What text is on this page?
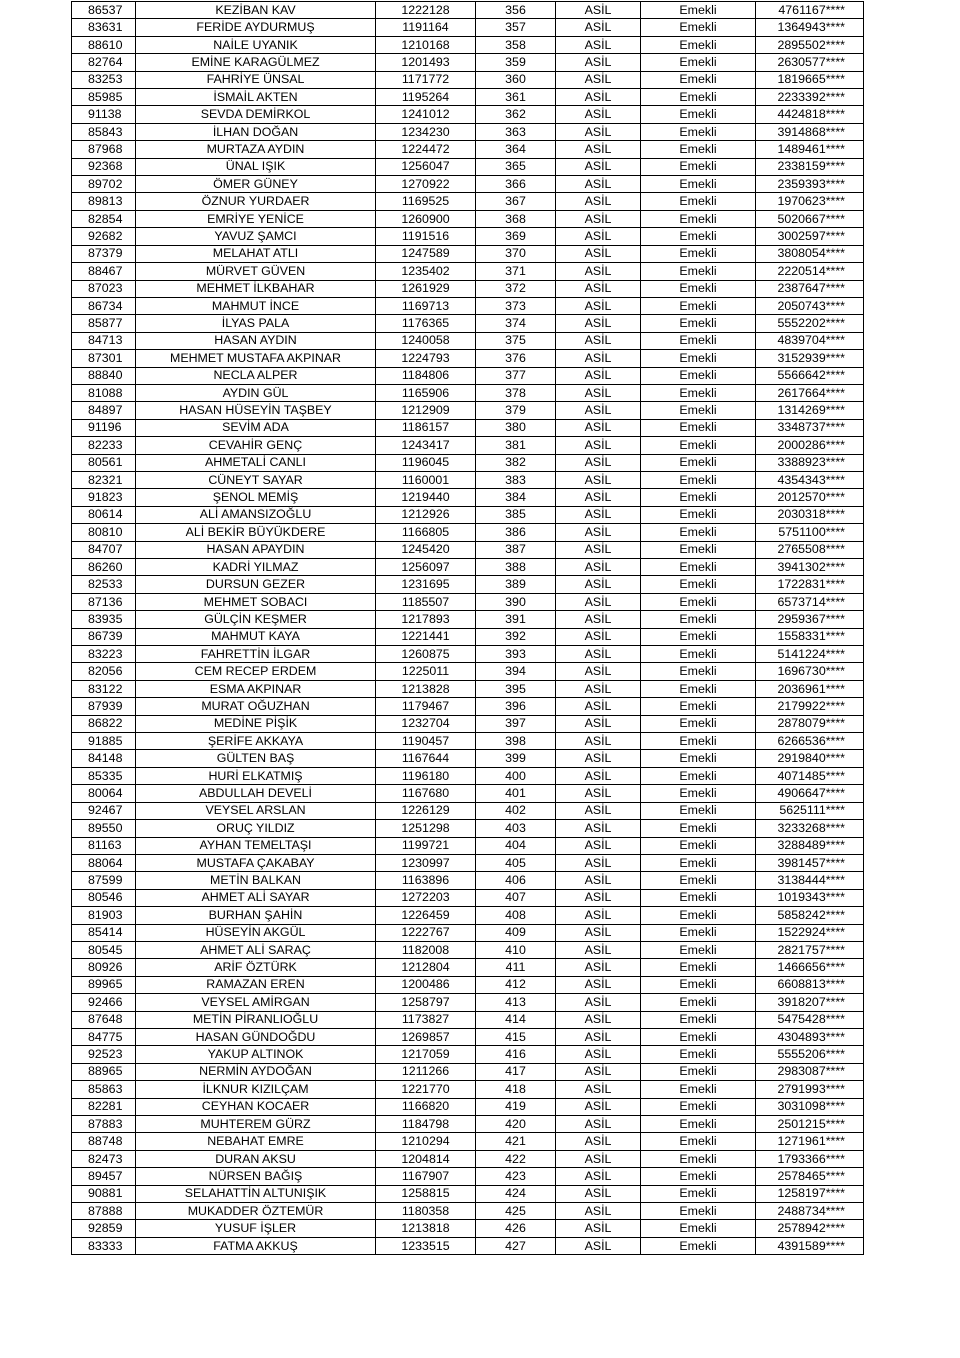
86537	KEZİBAN KAV	1222128	356	ASİL	Emekli	4761167****
83631	FERİDE AYDURMUŞ	1191164	357	ASİL	Emekli	1364943****
88610	NAİLE UYANIK	1210168	358	ASİL	Emekli	2895502****
82764	EMİNE KARAGÜLMEZ	1201493	359	ASİL	Emekli	2630577****
83253	FAHRİYE ÜNSAL	1171772	360	ASİL	Emekli	1819665****
85985	İSMAİL AKTEN	1195264	361	ASİL	Emekli	2233392****
91138	SEVDA DEMİRKOL	1241012	362	ASİL	Emekli	4424818****
85843	İLHAN DOĞAN	1234230	363	ASİL	Emekli	3914868****
87968	MURTAZA AYDIN	1224472	364	ASİL	Emekli	1489461****
92368	ÜNAL IŞIK	1256047	365	ASİL	Emekli	2338159****
89702	ÖMER GÜNEY	1270922	366	ASİL	Emekli	2359393****
89813	ÖZNUR YURDAER	1169525	367	ASİL	Emekli	1970623****
82854	EMRİYE YENİCE	1260900	368	ASİL	Emekli	5020667****
92682	YAVUZ ŞAMCI	1191516	369	ASİL	Emekli	3002597****
87379	MELAHAT ATLI	1247589	370	ASİL	Emekli	3808054****
88467	MÜRVET GÜVEN	1235402	371	ASİL	Emekli	2220514****
87023	MEHMET İLKBAHAR	1261929	372	ASİL	Emekli	2387647****
86734	MAHMUT İNCE	1169713	373	ASİL	Emekli	2050743****
85877	İLYAS PALA	1176365	374	ASİL	Emekli	5552202****
84713	HASAN AYDIN	1240058	375	ASİL	Emekli	4839704****
87301	MEHMET MUSTAFA AKPINAR	1224793	376	ASİL	Emekli	3152939****
88840	NECLA ALPER	1184806	377	ASİL	Emekli	5566642****
81088	AYDIN GÜL	1165906	378	ASİL	Emekli	2617664****
84897	HASAN HÜSEYİN TAŞBEY	1212909	379	ASİL	Emekli	1314269****
91196	SEVİM ADA	1186157	380	ASİL	Emekli	3348737****
82233	CEVAHİR GENÇ	1243417	381	ASİL	Emekli	2000286****
80561	AHMETALİ CANLI	1196045	382	ASİL	Emekli	3388923****
82321	CÜNEYT SAYAR	1160001	383	ASİL	Emekli	4354343****
91823	ŞENOL MEMİŞ	1219440	384	ASİL	Emekli	2012570****
80614	ALİ AMANSIZOĞLU	1212926	385	ASİL	Emekli	2030318****
80810	ALİ BEKİR BÜYÜKDERE	1166805	386	ASİL	Emekli	5751100****
84707	HASAN APAYDIN	1245420	387	ASİL	Emekli	2765508****
86260	KADRİ YILMAZ	1256097	388	ASİL	Emekli	3941302****
82533	DURSUN GEZER	1231695	389	ASİL	Emekli	1722831****
87136	MEHMET SOBACI	1185507	390	ASİL	Emekli	6573714****
83935	GÜLÇİN KEŞMER	1217893	391	ASİL	Emekli	2959367****
86739	MAHMUT KAYA	1221441	392	ASİL	Emekli	1558331****
83223	FAHRETTİN İLGAR	1260875	393	ASİL	Emekli	5141224****
82056	CEM RECEP ERDEM	1225011	394	ASİL	Emekli	1696730****
83122	ESMA AKPINAR	1213828	395	ASİL	Emekli	2036961****
87939	MURAT OĞUZHAN	1179467	396	ASİL	Emekli	2179922****
86822	MEDİNE PİŞİK	1232704	397	ASİL	Emekli	2878079****
91885	ŞERİFE AKKAYA	1190457	398	ASİL	Emekli	6266536****
84148	GÜLTEN BAŞ	1167644	399	ASİL	Emekli	2919840****
85335	HURİ ELKATMIŞ	1196180	400	ASİL	Emekli	4071485****
80064	ABDULLAH DEVELİ	1167680	401	ASİL	Emekli	4906647****
92467	VEYSEL ARSLAN	1226129	402	ASİL	Emekli	5625111****
89550	ORUÇ YILDIZ	1251298	403	ASİL	Emekli	3233268****
81163	AYHAN TEMELTAŞI	1199721	404	ASİL	Emekli	3288489****
88064	MUSTAFA ÇAKABAY	1230997	405	ASİL	Emekli	3981457****
87599	METİN BALKAN	1163896	406	ASİL	Emekli	3138444****
80546	AHMET ALİ SAYAR	1272203	407	ASİL	Emekli	1019343****
81903	BURHAN ŞAHİN	1226459	408	ASİL	Emekli	5858242****
85414	HÜSEYİN AKGÜL	1222767	409	ASİL	Emekli	1522924****
80545	AHMET ALİ SARAÇ	1182008	410	ASİL	Emekli	2821757****
80926	ARİF ÖZTÜRK	1212804	411	ASİL	Emekli	1466656****
89965	RAMAZAN EREN	1200486	412	ASİL	Emekli	6608813****
92466	VEYSEL AMİRGAN	1258797	413	ASİL	Emekli	3918207****
87648	METİN PİRANLIOĞLU	1173827	414	ASİL	Emekli	5475428****
84775	HASAN GÜNDOĞDU	1269857	415	ASİL	Emekli	4304893****
92523	YAKUP ALTINOK	1217059	416	ASİL	Emekli	5555206****
88965	NERMİN AYDOĞAN	1211266	417	ASİL	Emekli	2983087****
85863	İLKNUR KIZILÇAM	1221770	418	ASİL	Emekli	2791993****
82281	CEYHAN KOCAER	1166820	419	ASİL	Emekli	3031098****
87883	MUHTEREM GÜRZ	1184798	420	ASİL	Emekli	2501215****
88748	NEBAHAT EMRE	1210294	421	ASİL	Emekli	1271961****
82473	DURAN AKSU	1204814	422	ASİL	Emekli	1793366****
89457	NÜRSEN BAĞIŞ	1167907	423	ASİL	Emekli	2578465****
90881	SELAHATTİN ALTUNIŞIK	1258815	424	ASİL	Emekli	1258197****
87888	MUKADDER ÖZTEMÜR	1180358	425	ASİL	Emekli	2488734****
92859	YUSUF İŞLER	1213818	426	ASİL	Emekli	2578942****
83333	FATMA AKKUŞ	1233515	427	ASİL	Emekli	4391589****
